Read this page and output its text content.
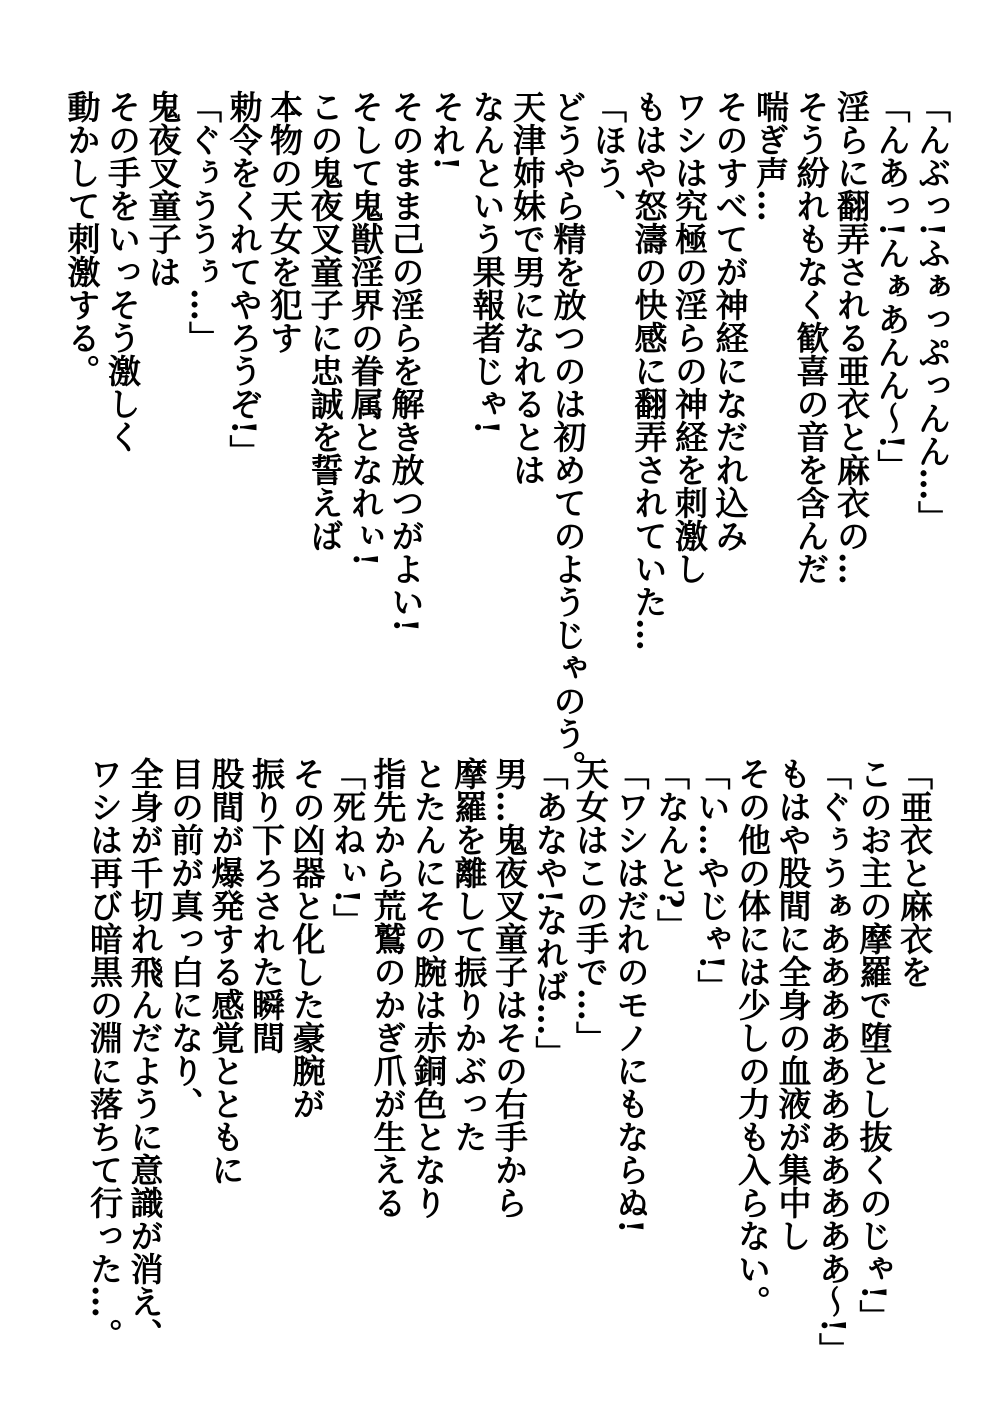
「んぶっ!ふぁっぷっんん…」
「んあっ!んぁあんん〜!」
淫らに翻弄される亜衣と麻衣の…
そう紛れもなく歓喜の音を含んだ
喘ぎ声…
そのすべてが神経になだれ込み
ワシは究極の淫らの神経を刺激し
もはや怒濤の快感に翻弄されていた…
「ほう、
どうやら精を放つのは初めてのようじゃのう。
天津姉妹で男になれるとは
なんという果報者じゃ!
それ!
そのまま己の淫らを解き放つがよい!
そして鬼獣淫界の眷属となれぃ!
この鬼夜叉童子に忠誠を誓えば
本物の天女を犯す
勅令をくれてやろうぞ!」
「ぐぅううぅ…」
鬼夜叉童子は
その手をいっそう激しく
動かして刺激する。
「亜衣と麻衣を
このお主の摩羅で堕とし抜くのじゃ!」
「ぐぅうぁあああああああああああ〜!」
もはや股間に全身の血液が集中し
その他の体には少しの力も入らない。
「い…やじゃ!」
「なんと?」
「ワシはだれのモノにもならぬ!
天女はこの手で…」
「あなや!なれば…」
男…鬼夜叉童子はその右手から
摩羅を離して振りかぶった
とたんにその腕は赤銅色となり
指先から荒鷲のかぎ爪が生える
「死ねぃ!」
その凶器と化した豪腕が
振り下ろされた瞬間
股間が爆発する感覚とともに
目の前が真っ白になり、
全身が千切れ飛んだように意識が消え、
ワシは再び暗黒の淵に落ちて行った…。
